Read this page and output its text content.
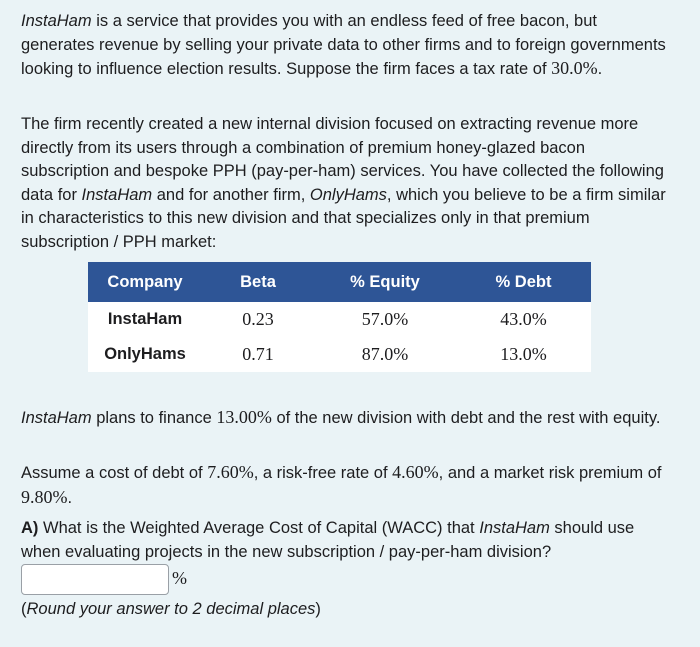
InstaHam is a service that provides you with an endless feed of free bacon, but generates revenue by selling your private data to other firms and to foreign governments looking to influence election results. Suppose the firm faces a tax rate of 30.0%.
The firm recently created a new internal division focused on extracting revenue more directly from its users through a combination of premium honey-glazed bacon subscription and bespoke PPH (pay-per-ham) services. You have collected the following data for InstaHam and for another firm, OnlyHams, which you believe to be a firm similar in characteristics to this new division and that specializes only in that premium subscription / PPH market:
Company	Beta	% Equity	% Debt
InstaHam	0.23	57.0%	43.0%
OnlyHams	0.71	87.0%	13.0%
InstaHam plans to finance 13.00% of the new division with debt and the rest with equity.
Assume a cost of debt of 7.60%, a risk-free rate of 4.60%, and a market risk premium of 9.80%.
A) What is the Weighted Average Cost of Capital (WACC) that InstaHam should use when evaluating projects in the new subscription / pay-per-ham division?
%
(Round your answer to 2 decimal places)
